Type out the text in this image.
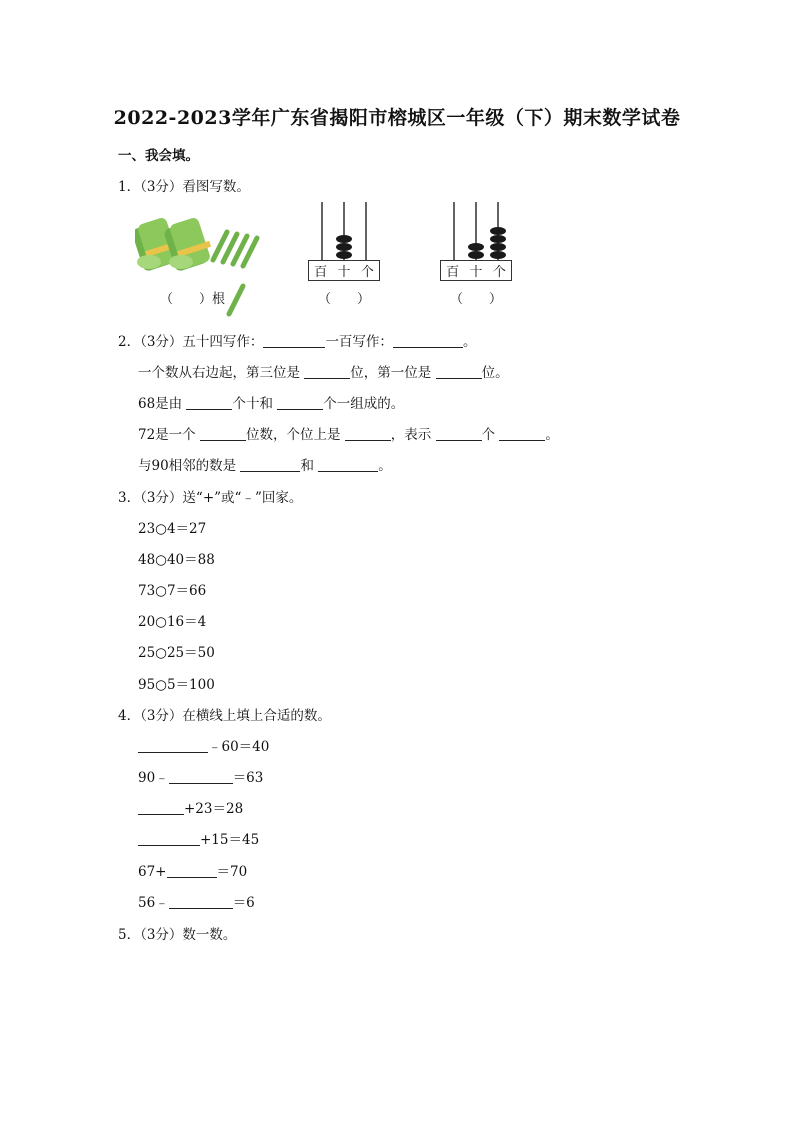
2022-2023学年广东省揭阳市榕城区一年级（下）期末数学试卷
一、我会填。
1．（3分）看图写数。
（　　）根
百 十 个
（　　）
百 十 个
（　　）
2．（3分）五十四写作：	一百写作：	。
一个数从右边起，第三位是	位，第一位是	位。
68是由	个十和	个一组成的。
72是一个	位数，个位上是	，表示	个	。
与90相邻的数是	和	。
3．（3分）送“+”或“﹣”回家。
23○4＝27
48○40＝88
73○7＝66
20○16＝4
25○25＝50
95○5＝100
4．（3分）在横线上填上合适的数。
﹣60＝40
90﹣	＝63
+23＝28
+15＝45
67+	＝70
56﹣	＝6
5．（3分）数一数。
